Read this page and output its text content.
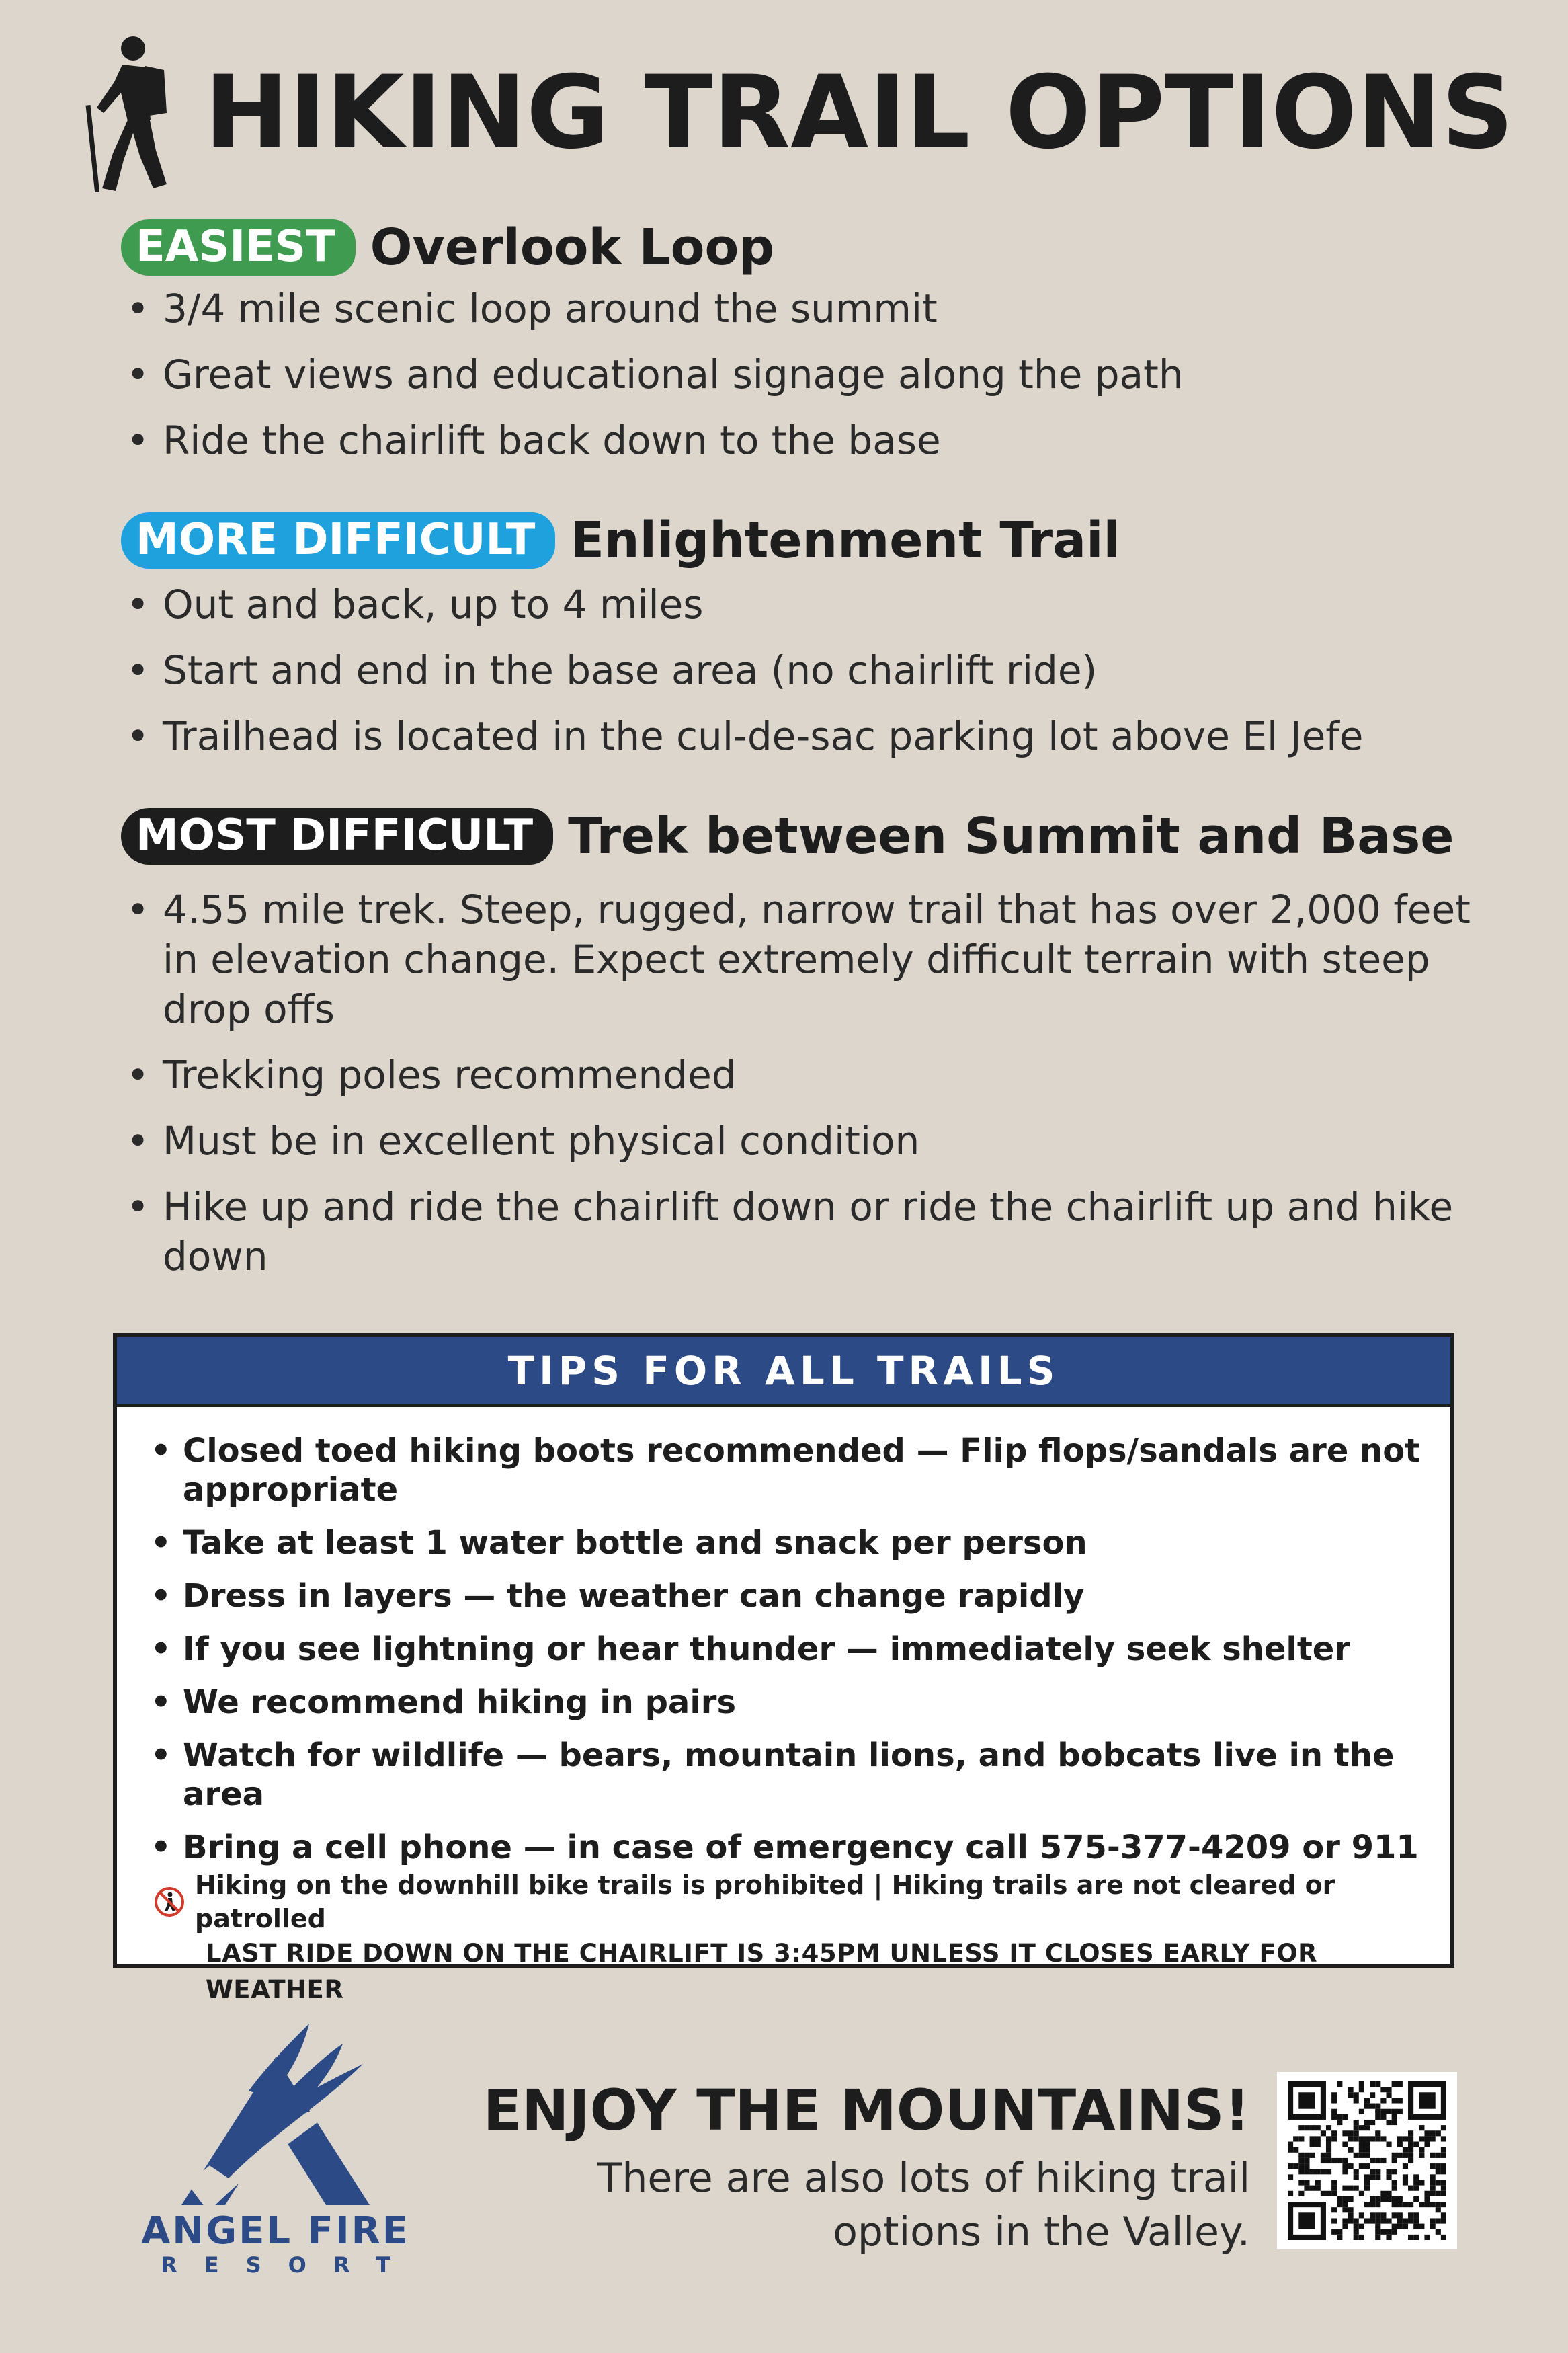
HIKING TRAIL OPTIONS
EASIEST Overlook Loop
• 3/4 mile scenic loop around the summit
• Great views and educational signage along the path
• Ride the chairlift back down to the base
MORE DIFFICULT Enlightenment Trail
• Out and back, up to 4 miles
• Start and end in the base area (no chairlift ride)
• Trailhead is located in the cul-de-sac parking lot above El Jefe
MOST DIFFICULT Trek between Summit and Base
• 4.55 mile trek. Steep, rugged, narrow trail that has over 2,000 feet in elevation change. Expect extremely difficult terrain with steep drop offs
• Trekking poles recommended
• Must be in excellent physical condition
• Hike up and ride the chairlift down or ride the chairlift up and hike down
TIPS FOR ALL TRAILS
• Closed toed hiking boots recommended — Flip flops/sandals are not appropriate
• Take at least 1 water bottle and snack per person
• Dress in layers — the weather can change rapidly
• If you see lightning or hear thunder — immediately seek shelter
• We recommend hiking in pairs
• Watch for wildlife — bears, mountain lions, and bobcats live in the area
• Bring a cell phone — in case of emergency call 575-377-4209 or 911
Hiking on the downhill bike trails is prohibited | Hiking trails are not cleared or patrolled
LAST RIDE DOWN ON THE CHAIRLIFT IS 3:45PM UNLESS IT CLOSES EARLY FOR WEATHER
ANGEL FIRE
RESORT
ENJOY THE MOUNTAINS!
There are also lots of hiking trail
options in the Valley.
